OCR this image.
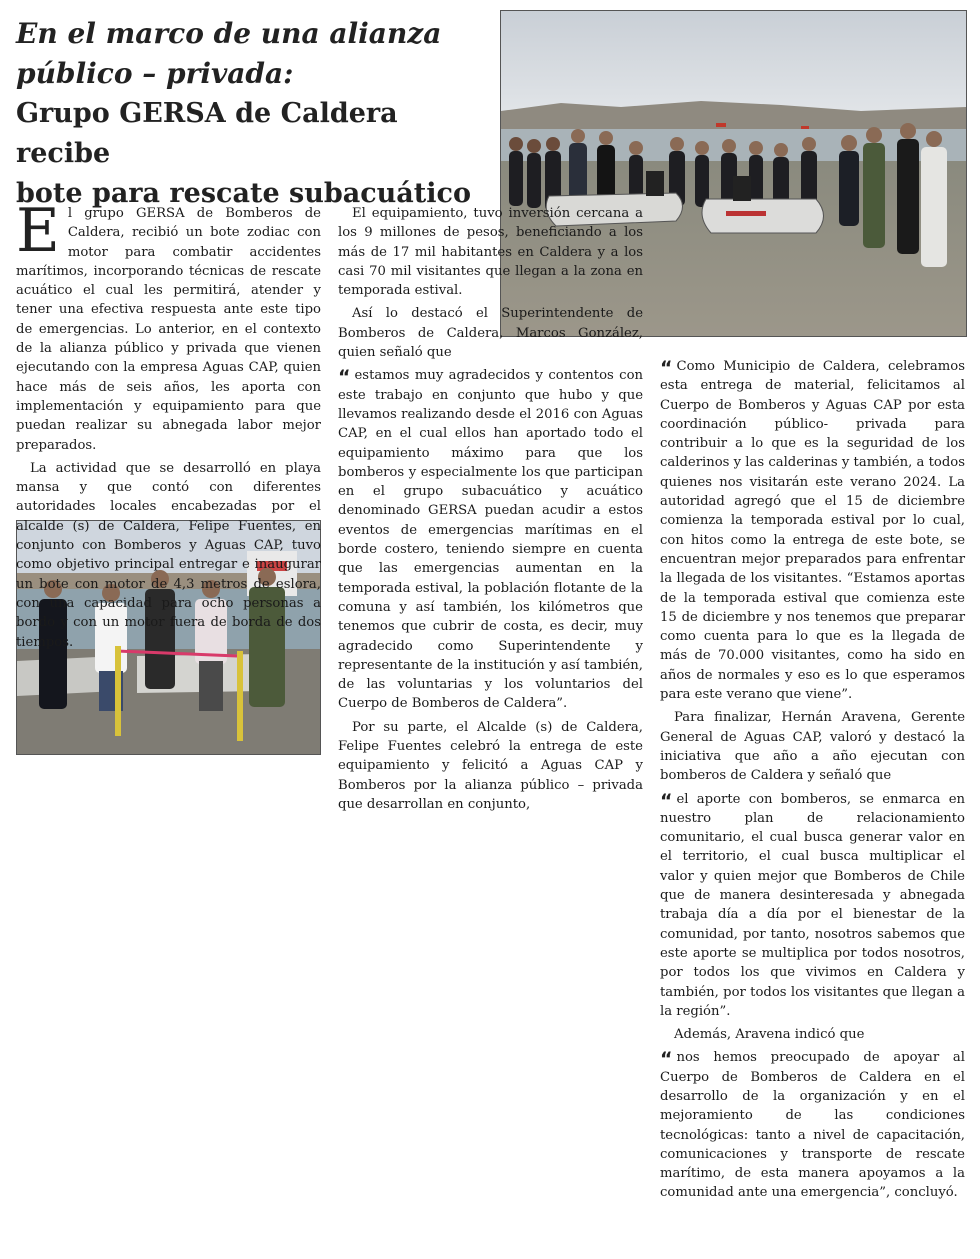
En el marco de una alianza
público – privada:
Grupo GERSA de Caldera recibe
bote para rescate subacuático

El grupo GERSA de Bomberos de Caldera, recibió un bote zodiac con motor para combatir accidentes marítimos, incorporando técnicas de rescate acuático el cual les permitirá, atender y tener una efectiva respuesta ante este tipo de emergencias. Lo anterior, en el contexto de la alianza público y privada que vienen ejecutando con la empresa Aguas CAP, quien hace más de seis años, les aporta con implementación y equipamiento para que puedan realizar su abnegada labor mejor preparados.

La actividad que se desarrolló en playa mansa y que contó con diferentes autoridades locales encabezadas por el alcalde (s) de Caldera, Felipe Fuentes, en conjunto con Bomberos y Aguas CAP, tuvo como objetivo principal entregar e inaugurar un bote con motor de 4,3 metros de eslora, con una capacidad para ocho personas a bordo y con un motor fuera de borda de dos tiempos.

El equipamiento, tuvo inversión cercana a los 9 millones de pesos, beneficiando a los más de 17 mil habitantes en Caldera y a los casi 70 mil visitantes que llegan a la zona en temporada estival.

Así lo destacó el Superintendente de Bomberos de Caldera, Marcos González, quien señaló que

“ estamos muy agradecidos y contentos con este trabajo en conjunto que hubo y que llevamos realizando desde el 2016 con Aguas CAP, en el cual ellos han aportado todo el equipamiento máximo para que los bomberos y especialmente los que participan en el grupo subacuático y acuático denominado GERSA puedan acudir a estos eventos de emergencias marítimas en el borde costero, teniendo siempre en cuenta que las emergencias aumentan en la temporada estival, la población flotante de la comuna y así también, los kilómetros que tenemos que cubrir de costa, es decir, muy agradecido como Superintendente y representante de la institución y así también, de las voluntarias y los voluntarios del Cuerpo de Bomberos de Caldera”.

Por su parte, el Alcalde (s) de Caldera, Felipe Fuentes celebró la entrega de este equipamiento y felicitó a Aguas CAP y Bomberos por la alianza público – privada que desarrollan en conjunto,

“ Como Municipio de Caldera, celebramos esta entrega de material, felicitamos al Cuerpo de Bomberos y Aguas CAP por esta coordinación público- privada para contribuir a lo que es la seguridad de los calderinos y las calderinas y también, a todos quienes nos visitarán este verano 2024. La autoridad agregó que el 15 de diciembre comienza la temporada estival por lo cual, con hitos como la entrega de este bote, se encuentran mejor preparados para enfrentar la llegada de los visitantes. “Estamos aportas de la temporada estival que comienza este 15 de diciembre y nos tenemos que preparar como cuenta para lo que es la llegada de más de 70.000 visitantes, como ha sido en años de normales y eso es lo que esperamos para este verano que viene”.

Para finalizar, Hernán Aravena, Gerente General de Aguas CAP, valoró y destacó la iniciativa que año a año ejecutan con bomberos de Caldera y señaló que

“ el aporte con bomberos, se enmarca en nuestro plan de relacionamiento comunitario, el cual busca generar valor en el territorio, el cual busca multiplicar el valor y quien mejor que Bomberos de Chile que de manera desinteresada y abnegada trabaja día a día por el bienestar de la comunidad, por tanto, nosotros sabemos que este aporte se multiplica por todos nosotros, por todos los que vivimos en Caldera y también, por todos los visitantes que llegan a la región”.

Además, Aravena indicó que

“ nos hemos preocupado de apoyar al Cuerpo de Bomberos de Caldera en el desarrollo de la organización y en el mejoramiento de las condiciones tecnológicas: tanto a nivel de capacitación, comunicaciones y transporte de rescate marítimo, de esta manera apoyamos a la comunidad ante una emergencia”, concluyó.
